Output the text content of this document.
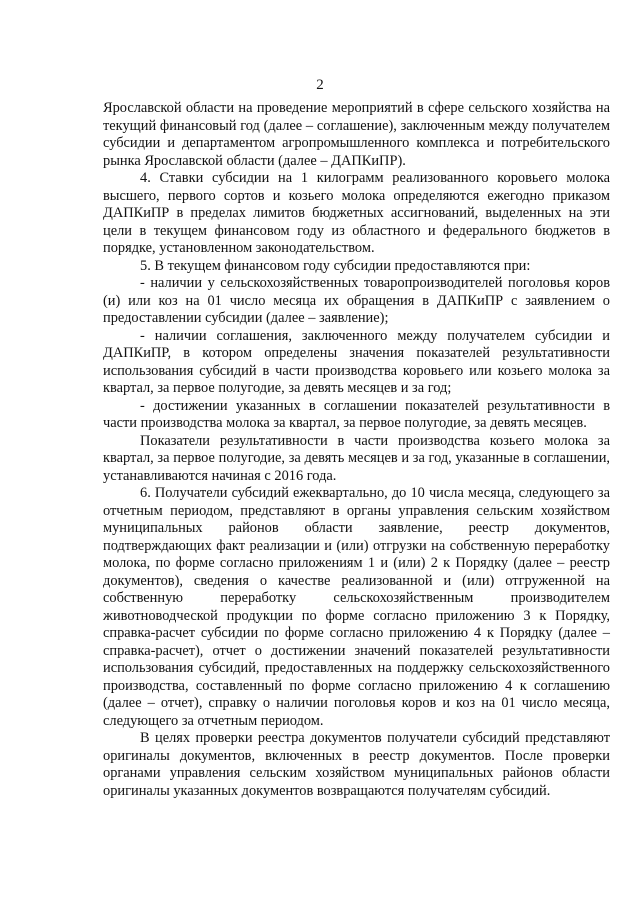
2

Ярославской области на проведение мероприятий в сфере сельского хозяйства на текущий финансовый год (далее – соглашение), заключенным между получателем субсидии и департаментом агропромышленного комплекса и потребительского рынка Ярославской области (далее – ДАПКиПР).

4. Ставки субсидии на 1 килограмм реализованного коровьего молока высшего, первого сортов и козьего молока определяются ежегодно приказом ДАПКиПР в пределах лимитов бюджетных ассигнований, выделенных на эти цели в текущем финансовом году из областного и федерального бюджетов в порядке, установленном законодательством.

5. В текущем финансовом году субсидии предоставляются при:

- наличии у сельскохозяйственных товаропроизводителей поголовья коров (и) или коз на 01 число месяца их обращения в ДАПКиПР с заявлением о предоставлении субсидии (далее – заявление);

- наличии соглашения, заключенного между получателем субсидии и ДАПКиПР, в котором определены значения показателей результативности использования субсидий в части производства коровьего или козьего молока за квартал, за первое полугодие, за девять месяцев и за год;

- достижении указанных в соглашении показателей результативности в части производства молока за квартал, за первое полугодие, за девять месяцев.

Показатели результативности в части производства козьего молока за квартал, за первое полугодие, за девять месяцев и за год, указанные в соглашении, устанавливаются начиная с 2016 года.

6. Получатели субсидий ежеквартально, до 10 числа месяца, следующего за отчетным периодом, представляют в органы управления сельским хозяйством муниципальных районов области заявление, реестр документов, подтверждающих факт реализации и (или) отгрузки на собственную переработку молока, по форме согласно приложениям 1 и (или) 2 к Порядку (далее – реестр документов), сведения о качестве реализованной и (или) отгруженной на собственную переработку сельскохозяйственным производителем животноводческой продукции по форме согласно приложению 3 к Порядку, справка-расчет субсидии по форме согласно приложению 4 к Порядку (далее – справка-расчет), отчет о достижении значений показателей результативности использования субсидий, предоставленных на поддержку сельскохозяйственного производства, составленный по форме согласно приложению 4 к соглашению (далее – отчет), справку о наличии поголовья коров и коз на 01 число месяца, следующего за отчетным периодом.

В целях проверки реестра документов получатели субсидий представляют оригиналы документов, включенных в реестр документов. После проверки органами управления сельским хозяйством муниципальных районов области оригиналы указанных документов возвращаются получателям субсидий.
